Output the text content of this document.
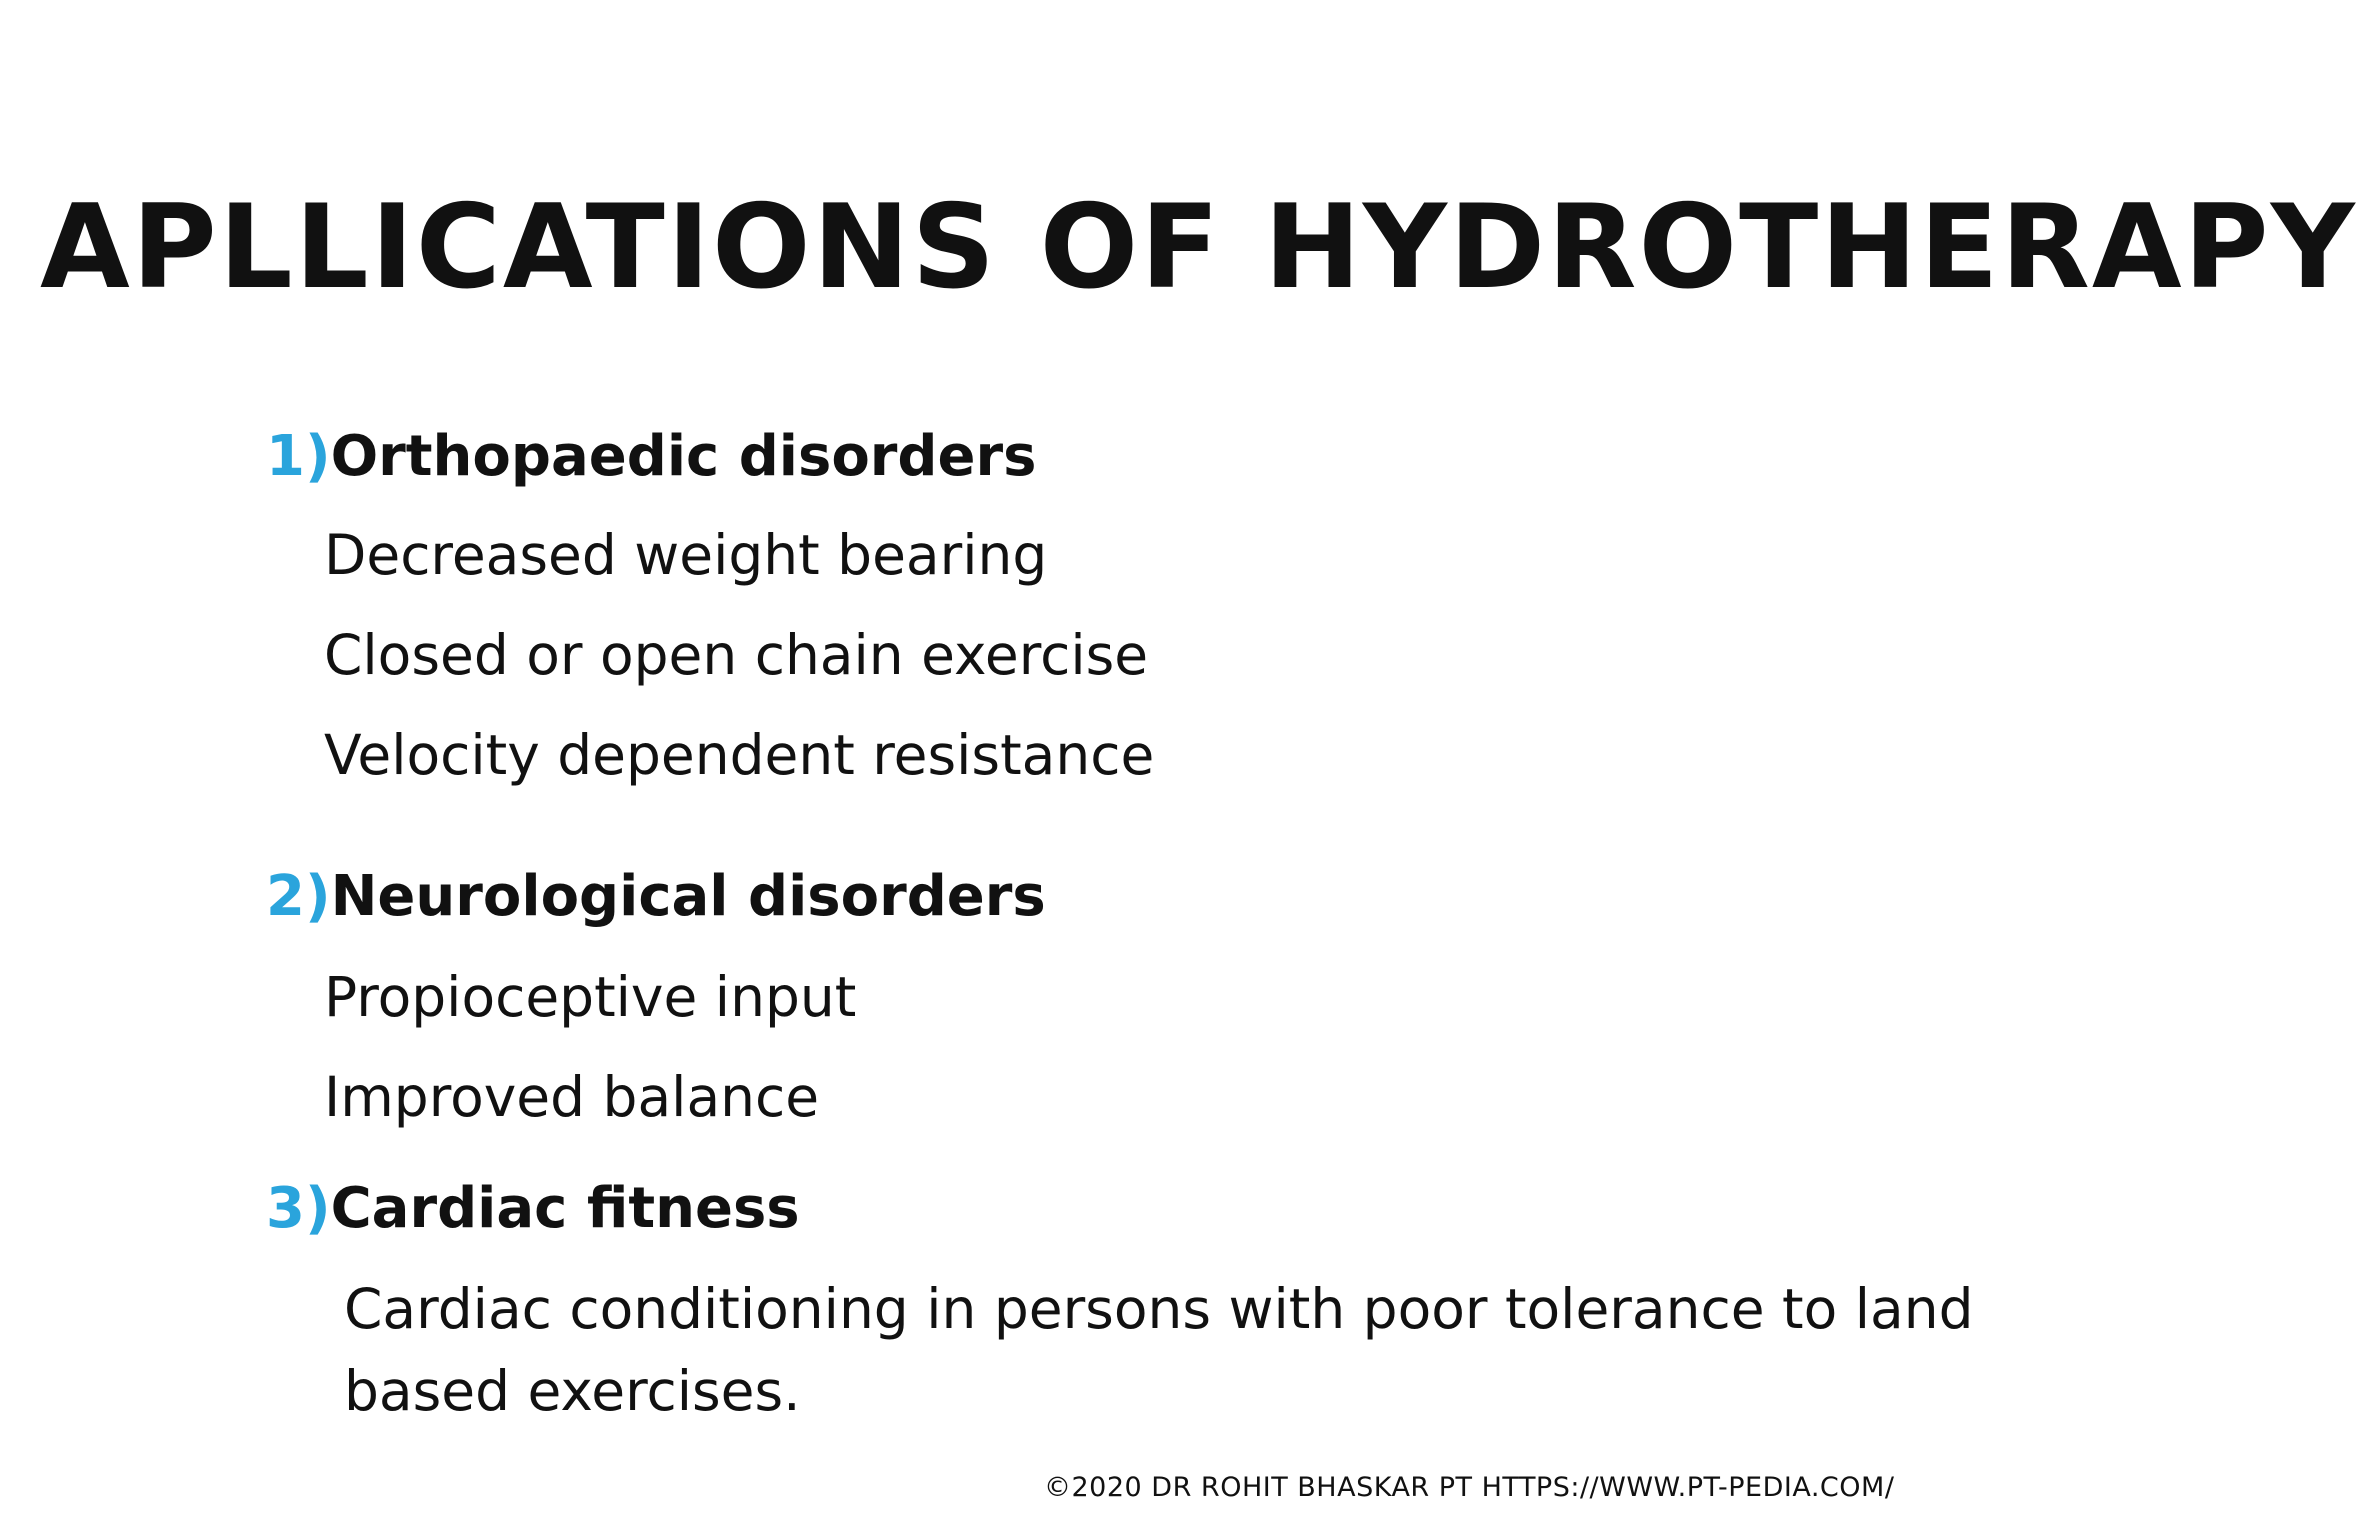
APLLICATIONS OF HYDROTHERAPY
1)Orthopaedic disorders
Decreased weight bearing
Closed or open chain exercise
Velocity dependent resistance
2)Neurological disorders
Propioceptive input
Improved balance
3)Cardiac fitness

Cardiac conditioning in persons with poor tolerance to land based exercises.

©2020 DR ROHIT BHASKAR PT HTTPS://WWW.PT-PEDIA.COM/
